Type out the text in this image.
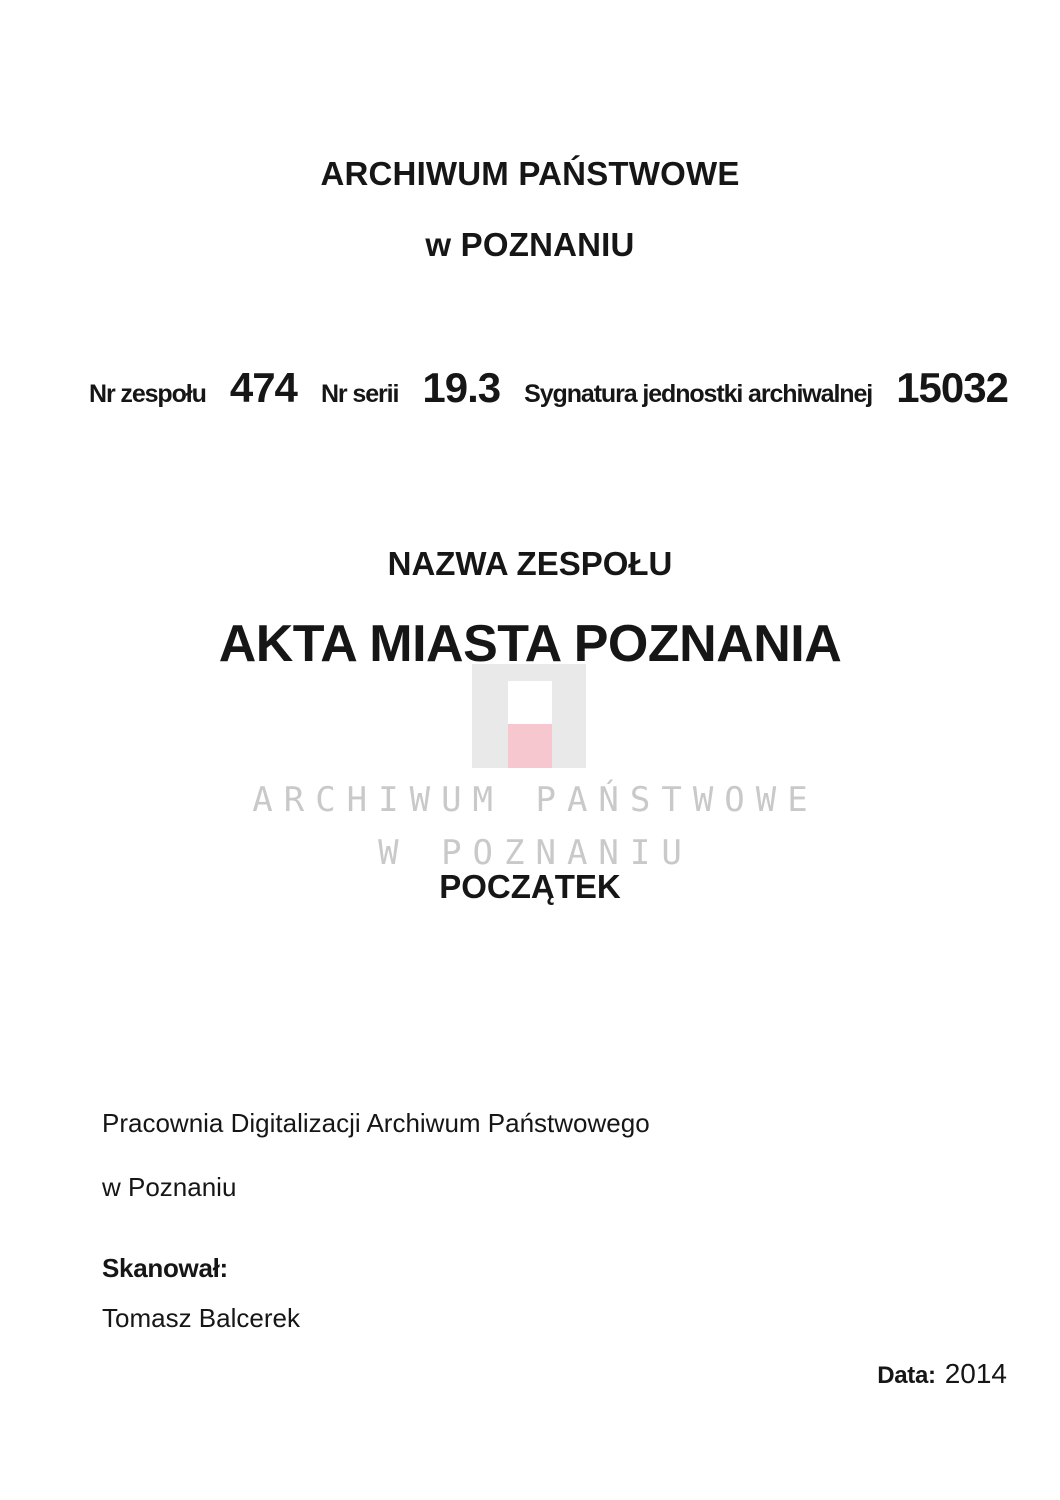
ARCHIWUM PAŃSTWOWE
w POZNANIU
Nr zespołu 474 Nr serii 19.3 Sygnatura jednostki archiwalnej 15032
NAZWA ZESPOŁU
AKTA MIASTA POZNANIA
ARCHIWUM PAŃSTWOWE
W POZNANIU
POCZĄTEK
Pracownia Digitalizacji Archiwum Państwowego
w Poznaniu
Skanował:
Tomasz Balcerek
Data: 2014
